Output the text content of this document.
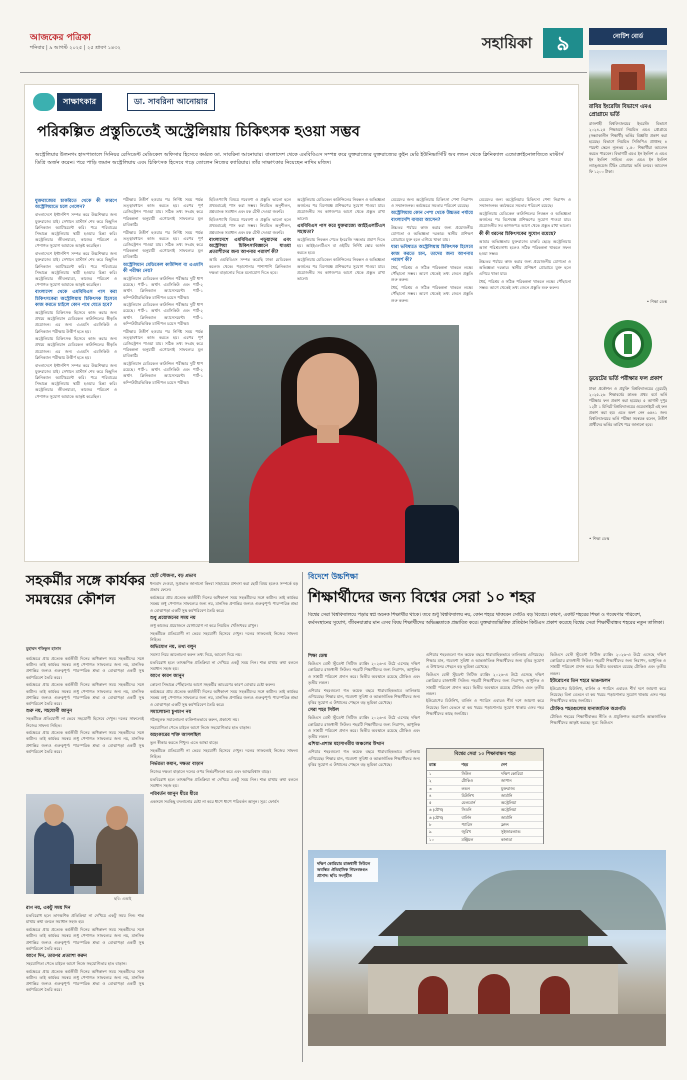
আজকের পত্রিকা
শনিবার | ৯ আগস্ট ২০২৫ | ২৫ শ্রাবণ ১৪৩২	সহায়িকা	৯	নোটিশ বোর্ড
রাবির ইংরেজি বিভাগে এমএ প্রোগ্রামে ভর্তি
রাজশাহী বিশ্ববিদ্যালয়ের ইংরেজি বিভাগে ২০২৪-২৫ শিক্ষাবর্ষে নিয়মিত এমএ প্রোগ্রামে (সন্ধ্যাকালীন শিক্ষার্থী) ভর্তির বিজ্ঞপ্তি প্রকাশ করা হয়েছে। বিভাগে নিয়মিত সিজিপিএ প্রাপ্তসহ ৪ পয়েন্ট স্কেলে ন্যূনতম ২.৫০ শিক্ষার্থীরা আবেদন করতে পারবেন। বিভাগটি এমএ ইন ইংলিশ এ এমএ ইন ইংলিশ সাহিত্য এবং এমএ ইন ইংলিশ ল্যাঙ্গুয়েজ টিচিং প্রোগ্রামে ভর্তি চলবে। আবেদন ফি ১২০০ টাকা।
• শিক্ষা ডেস্ক
ডুয়েটের ভর্তি পরীক্ষার ফল প্রকাশ
ঢাকা প্রকৌশল ও প্রযুক্তি বিশ্ববিদ্যালয়ের (ডুয়েট) ২০২৫-২৬ শিক্ষাবর্ষের স্নাতক প্রথম বর্ষে ভর্তি পরীক্ষার ফল প্রকাশ করা হয়েছে। ৫ আগস্ট দুপুর ১২টা ১ মিনিটে বিশ্ববিদ্যালয়ের ওয়েবসাইটে এই ফল প্রকাশ করা হয়। এতে অংশ নেন ৬৫৪১ জন। বিশ্ববিদ্যালয়ের ভর্তি পরীক্ষা সমন্বয়ক বলেন, উত্তীর্ণ প্রার্থীদের ভর্তির তারিখ পরে জানানো হবে।
• শিক্ষা ডেস্ক
সাক্ষাৎকার	ডা. সাবরিনা আনোয়ার
পরিকল্পিত প্রস্তুতিতেই অস্ট্রেলিয়ায় চিকিৎসক হওয়া সম্ভব
অস্ট্রেলিয়ার উলনগং হাসপাতালে সিনিয়র রেসিডেন্ট মেডিকেল অফিসার হিসেবে কর্মরত ডা. সাবরিনা আনোয়ার। বাংলাদেশ থেকে এমবিবিএস সম্পন্ন করে যুক্তরাজ্যের যুক্তরাজ্যের কুইন মেরি ইউনিভার্সিটি অব লন্ডন থেকে ক্লিনিক্যাল এন্ডোক্রাইনোলজিতে মাস্টার্স ডিগ্রি অর্জন করেন। পরে পাড়ি জমান অস্ট্রেলিয়ায় এবং চিকিৎসক হিসেবে গড়ে তোলেন নিজের ক্যারিয়ার। তাঁর সাক্ষাৎকার নিয়েছেন নাদিম মজিদ।
যুক্তরাজ্যের চাকরিতে থেকে কী কারণে অস্ট্রেলিয়াতে চলে গেলেন?

বাংলাদেশে ইন্টার্নশিপ সম্পন্ন করে উচ্চশিক্ষার জন্য যুক্তরাজ্যে যাই। সেখানে মাস্টার্স শেষ করে কিছুদিন ক্লিনিক্যাল অ্যাটাচমেন্ট করি। পরে পরিবারের সিদ্ধান্তে অস্ট্রেলিয়ায় স্থায়ী হওয়ার চিন্তা করি। অস্ট্রেলিয়ার জীবনযাত্রা, কাজের পরিবেশ ও পেশাগত সুযোগ আমাকে আকৃষ্ট করেছিল।

বাংলাদেশে ইন্টার্নশিপ সম্পন্ন করে উচ্চশিক্ষার জন্য যুক্তরাজ্যে যাই। সেখানে মাস্টার্স শেষ করে কিছুদিন ক্লিনিক্যাল অ্যাটাচমেন্ট করি। পরে পরিবারের সিদ্ধান্তে অস্ট্রেলিয়ায় স্থায়ী হওয়ার চিন্তা করি। অস্ট্রেলিয়ার জীবনযাত্রা, কাজের পরিবেশ ও পেশাগত সুযোগ আমাকে আকৃষ্ট করেছিল।

বাংলাদেশ থেকে এমবিবিএস পাস করা চিকিৎসকেরা অস্ট্রেলিয়ায় চিকিৎসক হিসেবে কাজ করতে চাইলে কোন পথে যেতে হবে?

অস্ট্রেলিয়ায় চিকিৎসক হিসেবে কাজ করার জন্য প্রথমে অস্ট্রেলিয়ান মেডিকেল কাউন্সিলের স্বীকৃতি প্রয়োজন। এর জন্য এএমসি এমসিকিউ ও ক্লিনিক্যাল পরীক্ষায় উত্তীর্ণ হতে হয়।

অস্ট্রেলিয়ায় চিকিৎসক হিসেবে কাজ করার জন্য প্রথমে অস্ট্রেলিয়ান মেডিকেল কাউন্সিলের স্বীকৃতি প্রয়োজন। এর জন্য এএমসি এমসিকিউ ও ক্লিনিক্যাল পরীক্ষায় উত্তীর্ণ হতে হয়।

বাংলাদেশে ইন্টার্নশিপ সম্পন্ন করে উচ্চশিক্ষার জন্য যুক্তরাজ্যে যাই। সেখানে মাস্টার্স শেষ করে কিছুদিন ক্লিনিক্যাল অ্যাটাচমেন্ট করি। পরে পরিবারের সিদ্ধান্তে অস্ট্রেলিয়ায় স্থায়ী হওয়ার চিন্তা করি। অস্ট্রেলিয়ার জীবনযাত্রা, কাজের পরিবেশ ও পেশাগত সুযোগ আমাকে আকৃষ্ট করেছিল।

পরীক্ষায় উত্তীর্ণ হওয়ার পর নির্দিষ্ট সময় পর্যন্ত তত্ত্বাবধানে কাজ করতে হয়। এরপর পূর্ণ রেজিস্ট্রেশন পাওয়া যায়। সঠিক তথ্য সংগ্রহ করে পরিকল্পনা অনুযায়ী এগোনোই সাফল্যের মূল চাবিকাঠি।

পরীক্ষায় উত্তীর্ণ হওয়ার পর নির্দিষ্ট সময় পর্যন্ত তত্ত্বাবধানে কাজ করতে হয়। এরপর পূর্ণ রেজিস্ট্রেশন পাওয়া যায়। সঠিক তথ্য সংগ্রহ করে পরিকল্পনা অনুযায়ী এগোনোই সাফল্যের মূল চাবিকাঠি।

অস্ট্রেলিয়ান মেডিকেল কাউন্সিল বা এএমসি কী পরীক্ষা নেয়?

অস্ট্রেলিয়ান মেডিকেল কাউন্সিল পরীক্ষার দুটি ধাপ রয়েছে। পার্ট-১ অর্থাৎ এমসিকিউ এবং পার্ট-২ অর্থাৎ ক্লিনিক্যাল অ্যাসেসমেন্ট। পার্ট-১ কম্পিউটারভিত্তিক মাল্টিপল চয়েস পরীক্ষা।

অস্ট্রেলিয়ান মেডিকেল কাউন্সিল পরীক্ষার দুটি ধাপ রয়েছে। পার্ট-১ অর্থাৎ এমসিকিউ এবং পার্ট-২ অর্থাৎ ক্লিনিক্যাল অ্যাসেসমেন্ট। পার্ট-১ কম্পিউটারভিত্তিক মাল্টিপল চয়েস পরীক্ষা।

পরীক্ষায় উত্তীর্ণ হওয়ার পর নির্দিষ্ট সময় পর্যন্ত তত্ত্বাবধানে কাজ করতে হয়। এরপর পূর্ণ রেজিস্ট্রেশন পাওয়া যায়। সঠিক তথ্য সংগ্রহ করে পরিকল্পনা অনুযায়ী এগোনোই সাফল্যের মূল চাবিকাঠি।

অস্ট্রেলিয়ান মেডিকেল কাউন্সিল পরীক্ষার দুটি ধাপ রয়েছে। পার্ট-১ অর্থাৎ এমসিকিউ এবং পার্ট-২ অর্থাৎ ক্লিনিক্যাল অ্যাসেসমেন্ট। পার্ট-১ কম্পিউটারভিত্তিক মাল্টিপল চয়েস পরীক্ষা।

হিমিওপ্যাথি বিষয়ে গবেষণা ও প্রস্তুতি ভালো হলে প্রথমবারেই পাস করা সম্ভব। নিয়মিত অনুশীলন, প্রশ্নব্যাংক সমাধান এবং মক টেস্ট দেওয়া জরুরি।

হিমিওপ্যাথি বিষয়ে গবেষণা ও প্রস্তুতি ভালো হলে প্রথমবারেই পাস করা সম্ভব। নিয়মিত অনুশীলন, প্রশ্নব্যাংক সমাধান এবং মক টেস্ট দেওয়া জরুরি।

বাংলাদেশে এমবিবিএস পড়ুয়াদের এবং অস্ট্রেলিয়া চিকিৎসাবিজ্ঞানে যাওয়া প্রত্যাশীদের জন্য আপনার পরামর্শ কী?

আমি এমবিবিএস সম্পন্ন করেছি ঢাকা মেডিকেল কলেজ থেকে। পড়াশোনার পাশাপাশি ক্লিনিক্যাল দক্ষতা বাড়ানোর দিকে মনোযোগ দিতে হবে।

অস্ট্রেলিয়ায় মেডিকেল কাউন্সিলের নিবন্ধন ও অভিজ্ঞতা অর্জনের পর বিশেষজ্ঞ প্রশিক্ষণের সুযোগ পাওয়া যায়। প্রয়োজনীয় সব কাগজপত্র আগে থেকে প্রস্তুত রাখা ভালো।

এমবিবিএস পাস করে যুক্তরাজ্যে আইইএলটিএস সহায়তা?

অস্ট্রেলিয়ায় নিবন্ধন পেতে ইংরেজি দক্ষতার প্রমাণ দিতে হয়। আইইএলটিএস বা ওইটির নির্দিষ্ট স্কোর অর্জন করতে হবে।

অস্ট্রেলিয়ায় মেডিকেল কাউন্সিলের নিবন্ধন ও অভিজ্ঞতা অর্জনের পর বিশেষজ্ঞ প্রশিক্ষণের সুযোগ পাওয়া যায়। প্রয়োজনীয় সব কাগজপত্র আগে থেকে প্রস্তুত রাখা ভালো।

মেয়েদের জন্য অস্ট্রেলিয়ায় চিকিৎসা পেশা নিরাপদ ও সম্মানজনক। কর্মক্ষেত্রে সমতার পরিবেশ রয়েছে।

অস্ট্রেলিয়ায় কোন পেশা থেকে উচ্চতর পর্যায়ে বাংলাদেশি বাবারা আসেন?

উচ্চতর পর্যায়ে কাজ করার জন্য প্রয়োজনীয় যোগ্যতা ও অভিজ্ঞতা দরকার। স্থানীয় প্রশিক্ষণ প্রোগ্রামে যুক্ত হলে এগিয়ে থাকা যায়।

যারা ভবিষ্যতে অস্ট্রেলিয়ায় চিকিৎসক হিসেবে কাজ করতে চান, তাদের জন্য আপনার পরামর্শ কী?

ধৈর্য, পরিশ্রম ও সঠিক পরিকল্পনা থাকলে লক্ষ্যে পৌঁছানো সম্ভব। আগে থেকেই তথ্য জেনে প্রস্তুতি শুরু করুন।

ধৈর্য, পরিশ্রম ও সঠিক পরিকল্পনা থাকলে লক্ষ্যে পৌঁছানো সম্ভব। আগে থেকেই তথ্য জেনে প্রস্তুতি শুরু করুন।

মেয়েদের জন্য অস্ট্রেলিয়ায় চিকিৎসা পেশা নিরাপদ ও সম্মানজনক। কর্মক্ষেত্রে সমতার পরিবেশ রয়েছে।

অস্ট্রেলিয়ায় মেডিকেল কাউন্সিলের নিবন্ধন ও অভিজ্ঞতা অর্জনের পর বিশেষজ্ঞ প্রশিক্ষণের সুযোগ পাওয়া যায়। প্রয়োজনীয় সব কাগজপত্র আগে থেকে প্রস্তুত রাখা ভালো।

কী কী ধরনের চিকিৎসকের সুযোগ রয়েছে?

আমার অভিজ্ঞতায় যুক্তরাজ্যে চাকরি ছেড়ে অস্ট্রেলিয়ায় আসা পরিশ্রমসাধ্য হলেও সঠিক পরিকল্পনা থাকলে সফল হওয়া সম্ভব।

উচ্চতর পর্যায়ে কাজ করার জন্য প্রয়োজনীয় যোগ্যতা ও অভিজ্ঞতা দরকার। স্থানীয় প্রশিক্ষণ প্রোগ্রামে যুক্ত হলে এগিয়ে থাকা যায়।

ধৈর্য, পরিশ্রম ও সঠিক পরিকল্পনা থাকলে লক্ষ্যে পৌঁছানো সম্ভব। আগে থেকেই তথ্য জেনে প্রস্তুতি শুরু করুন।

সহকর্মীর সঙ্গে কার্যকর সমন্বয়ের কৌশল
মুহাম্মদ শফিকুল হাসান

কর্মক্ষেত্রে প্রায় প্রত্যেক কর্মজীবী দিনের অধিকাংশ সময় সহকর্মীদের সঙ্গে কাটান। তাই কার্যকর সমন্বয় শুধু পেশাগত সাফল্যের জন্য নয়, মানসিক প্রশান্তির জন্যও গুরুত্বপূর্ণ। পারস্পরিক শ্রদ্ধা ও বোঝাপড়া একটি সুস্থ কর্মপরিবেশ তৈরি করে।

কর্মক্ষেত্রে প্রায় প্রত্যেক কর্মজীবী দিনের অধিকাংশ সময় সহকর্মীদের সঙ্গে কাটান। তাই কার্যকর সমন্বয় শুধু পেশাগত সাফল্যের জন্য নয়, মানসিক প্রশান্তির জন্যও গুরুত্বপূর্ণ। পারস্পরিক শ্রদ্ধা ও বোঝাপড়া একটি সুস্থ কর্মপরিবেশ তৈরি করে।

শুরু নয়, সহযোগী জানুন

সহকর্মীকে প্রতিযোগী না ভেবে সহযোগী হিসেবে দেখুন। দলের সাফল্যেই নিজের সাফল্য নিহিত।

কর্মক্ষেত্রে প্রায় প্রত্যেক কর্মজীবী দিনের অধিকাংশ সময় সহকর্মীদের সঙ্গে কাটান। তাই কার্যকর সমন্বয় শুধু পেশাগত সাফল্যের জন্য নয়, মানসিক প্রশান্তির জন্যও গুরুত্বপূর্ণ। পারস্পরিক শ্রদ্ধা ও বোঝাপড়া একটি সুস্থ কর্মপরিবেশ তৈরি করে।

ছবি: এআই
রাগ নয়, একটু সময় দিন

মতবিরোধ হলে তাৎক্ষণিক প্রতিক্রিয়া না দেখিয়ে একটু সময় নিন। শান্ত মাথায় কথা বললে সমাধান সহজ হয়।

কর্মক্ষেত্রে প্রায় প্রত্যেক কর্মজীবী দিনের অধিকাংশ সময় সহকর্মীদের সঙ্গে কাটান। তাই কার্যকর সমন্বয় শুধু পেশাগত সাফল্যের জন্য নয়, মানসিক প্রশান্তির জন্যও গুরুত্বপূর্ণ। পারস্পরিক শ্রদ্ধা ও বোঝাপড়া একটি সুস্থ কর্মপরিবেশ তৈরি করে।

আগে দিন, তারপর প্রত্যাশা করুন

সহযোগিতা পেতে চাইলে আগে নিজে সহযোগিতার হাত বাড়ান।

কর্মক্ষেত্রে প্রায় প্রত্যেক কর্মজীবী দিনের অধিকাংশ সময় সহকর্মীদের সঙ্গে কাটান। তাই কার্যকর সমন্বয় শুধু পেশাগত সাফল্যের জন্য নয়, মানসিক প্রশান্তির জন্যও গুরুত্বপূর্ণ। পারস্পরিক শ্রদ্ধা ও বোঝাপড়া একটি সুস্থ কর্মপরিবেশ তৈরি করে।

ছোট সৌজন্য, বড় প্রভাব

ধন্যবাদ দেওয়া, সুপ্রভাত জানানো কিংবা সাহায্যের প্রশংসা করা ছোট বিষয় হলেও সম্পর্কে বড় প্রভাব ফেলে।

কর্মক্ষেত্রে প্রায় প্রত্যেক কর্মজীবী দিনের অধিকাংশ সময় সহকর্মীদের সঙ্গে কাটান। তাই কার্যকর সমন্বয় শুধু পেশাগত সাফল্যের জন্য নয়, মানসিক প্রশান্তির জন্যও গুরুত্বপূর্ণ। পারস্পরিক শ্রদ্ধা ও বোঝাপড়া একটি সুস্থ কর্মপরিবেশ তৈরি করে।

শুধু প্রয়োজনের সময় নয়

শুধু কাজের প্রয়োজনে যোগাযোগ না করে নিয়মিত খোঁজখবর রাখুন।

সহকর্মীকে প্রতিযোগী না ভেবে সহযোগী হিসেবে দেখুন। দলের সাফল্যেই নিজের সাফল্য নিহিত।

অভিযোগ নয়, তথ্য বলুন

সমস্যা নিয়ে আলোচনা করুন তথ্য দিয়ে, আবেগ দিয়ে নয়।

মতবিরোধ হলে তাৎক্ষণিক প্রতিক্রিয়া না দেখিয়ে একটু সময় নিন। শান্ত মাথায় কথা বললে সমাধান সহজ হয়।

আগে কারণ জানুন

কোনো সিদ্ধান্তে পৌঁছানোর আগে সহকর্মীর আচরণের কারণ বোঝার চেষ্টা করুন।

কর্মক্ষেত্রে প্রায় প্রত্যেক কর্মজীবী দিনের অধিকাংশ সময় সহকর্মীদের সঙ্গে কাটান। তাই কার্যকর সমন্বয় শুধু পেশাগত সাফল্যের জন্য নয়, মানসিক প্রশান্তির জন্যও গুরুত্বপূর্ণ। পারস্পরিক শ্রদ্ধা ও বোঝাপড়া একটি সুস্থ কর্মপরিবেশ তৈরি করে।

সমালোচনা চুপচাপ নয়

গঠনমূলক সমালোচনা ব্যক্তিগতভাবে করুন, প্রকাশ্যে নয়।

সহযোগিতা পেতে চাইলে আগে নিজে সহযোগিতার হাত বাড়ান।

অহংকারের শক্তি আসলছিল

ভুল স্বীকার করতে শিখুন। এতে আস্থা বাড়ে।

সহকর্মীকে প্রতিযোগী না ভেবে সহযোগী হিসেবে দেখুন। দলের সাফল্যেই নিজের সাফল্য নিহিত।

নির্ভরতা কমান, দক্ষতা বাড়ান

নিজের দক্ষতা বাড়ালে দলের ওপর নির্ভরশীলতা কমে এবং আত্মবিশ্বাস বাড়ে।

মতবিরোধ হলে তাৎক্ষণিক প্রতিক্রিয়া না দেখিয়ে একটু সময় নিন। শান্ত মাথায় কথা বললে সমাধান সহজ হয়।

পরিবর্তন আনুন ধীরে ধীরে

একসঙ্গে সবকিছু বদলানোর চেষ্টা না করে ধাপে ধাপে পরিবর্তন আনুন। সূত্র: ফোর্বস

বিদেশে উচ্চশিক্ষা
শিক্ষার্থীদের জন্য বিশ্বের সেরা ১০ শহর
বিশ্বের সেরা বিশ্ববিদ্যালয়ে পড়ার স্বপ্ন অনেক শিক্ষার্থীর থাকে। তবে শুধু বিশ্ববিদ্যালয় নয়, কোন শহরে থাকবেন সেটিও বড় বিবেচ্য। কারণ, একটি শহরের শিক্ষা ও গবেষণার পরিবেশ, কর্মসংস্থানের সুযোগ, জীবনযাত্রার মান এসব বিষয় শিক্ষার্থীদের অভিজ্ঞতাকে প্রভাবিত করে। যুক্তরাজ্যভিত্তিক প্রতিষ্ঠান কিউএস প্রকাশ করেছে বিশ্বের সেরা শিক্ষার্থীবান্ধব শহরের নতুন তালিকা।
শিক্ষা ডেস্ক

কিউএস বেস্ট স্টুডেন্ট সিটিজ র‍্যাঙ্কিং ২০২৬-এ উঠে এসেছে দক্ষিণ কোরিয়ার রাজধানী সিউল। শহরটি শিক্ষার্থীদের জন্য নিরাপদ, আধুনিক ও সাশ্রয়ী পরিবেশ প্রদান করে। দ্বিতীয় অবস্থানে রয়েছে টোকিও এবং তৃতীয় লন্ডন।

এশিয়ার শহরগুলো গত কয়েক বছরে ধারাবাহিকভাবে তালিকায় এগিয়েছে। শিক্ষার মান, গবেষণা সুবিধা ও আন্তর্জাতিক শিক্ষার্থীদের জন্য বৃত্তির সুযোগ এ উত্থানের পেছনে বড় ভূমিকা রেখেছে।

সেরা শহর সিউল

কিউএস বেস্ট স্টুডেন্ট সিটিজ র‍্যাঙ্কিং ২০২৬-এ উঠে এসেছে দক্ষিণ কোরিয়ার রাজধানী সিউল। শহরটি শিক্ষার্থীদের জন্য নিরাপদ, আধুনিক ও সাশ্রয়ী পরিবেশ প্রদান করে। দ্বিতীয় অবস্থানে রয়েছে টোকিও এবং তৃতীয় লন্ডন।

এশিয়া-প্রশান্ত মহাসাগরীয় অঞ্চলের উত্থান

এশিয়ার শহরগুলো গত কয়েক বছরে ধারাবাহিকভাবে তালিকায় এগিয়েছে। শিক্ষার মান, গবেষণা সুবিধা ও আন্তর্জাতিক শিক্ষার্থীদের জন্য বৃত্তির সুযোগ এ উত্থানের পেছনে বড় ভূমিকা রেখেছে।

এশিয়ার শহরগুলো গত কয়েক বছরে ধারাবাহিকভাবে তালিকায় এগিয়েছে। শিক্ষার মান, গবেষণা সুবিধা ও আন্তর্জাতিক শিক্ষার্থীদের জন্য বৃত্তির সুযোগ এ উত্থানের পেছনে বড় ভূমিকা রেখেছে।

কিউএস বেস্ট স্টুডেন্ট সিটিজ র‍্যাঙ্কিং ২০২৬-এ উঠে এসেছে দক্ষিণ কোরিয়ার রাজধানী সিউল। শহরটি শিক্ষার্থীদের জন্য নিরাপদ, আধুনিক ও সাশ্রয়ী পরিবেশ প্রদান করে। দ্বিতীয় অবস্থানে রয়েছে টোকিও এবং তৃতীয় লন্ডন।

ইউরোপের মিউনিখ, বার্লিন ও প্যারিস এবারও শীর্ষ দশে জায়গা করে নিয়েছে। বিনা বেতনে বা কম খরচে পড়াশোনার সুযোগ থাকায় এসব শহর শিক্ষার্থীদের কাছে জনপ্রিয়।

কিউএস বেস্ট স্টুডেন্ট সিটিজ র‍্যাঙ্কিং ২০২৬-এ উঠে এসেছে দক্ষিণ কোরিয়ার রাজধানী সিউল। শহরটি শিক্ষার্থীদের জন্য নিরাপদ, আধুনিক ও সাশ্রয়ী পরিবেশ প্রদান করে। দ্বিতীয় অবস্থানে রয়েছে টোকিও এবং তৃতীয় লন্ডন।

ইউরোপের তিন শহরে ভাঙনচলন

ইউরোপের মিউনিখ, বার্লিন ও প্যারিস এবারও শীর্ষ দশে জায়গা করে নিয়েছে। বিনা বেতনে বা কম খরচে পড়াশোনার সুযোগ থাকায় এসব শহর শিক্ষার্থীদের কাছে জনপ্রিয়।

টোকিও শহরগুলোর মানাজাতিক অগ্রগতি

টোকিও শহরের শিক্ষার্থীবান্ধব নীতি ও প্রযুক্তিগত অগ্রগতি আন্তর্জাতিক শিক্ষার্থীদের আকৃষ্ট করছে। সূত্র: কিউএস

বিশ্বের সেরা ১০ শিক্ষাবান্ধব শহর
র‍্যাঙ্ক	শহর	দেশ
১	সিউল	দক্ষিণ কোরিয়া
২	টোকিও	জাপান
৩	লন্ডন	যুক্তরাজ্য
৪	মিউনিখ	জার্মানি
৫	মেলবোর্ন	অস্ট্রেলিয়া
৬ (যৌথ)	সিডনি	অস্ট্রেলিয়া
৬ (যৌথ)	বার্লিন	জার্মানি
৮	প্যারিস	ফ্রান্স
৯	জুরিখ	সুইজারল্যান্ড
১০	মন্ট্রিয়ল	কানাডা
দক্ষিণ কোরিয়ার রাজধানী সিউলে অবস্থিত ঐতিহাসিক গিয়ংবকগুং প্রাসাদ। ছবি: সংগৃহীত
